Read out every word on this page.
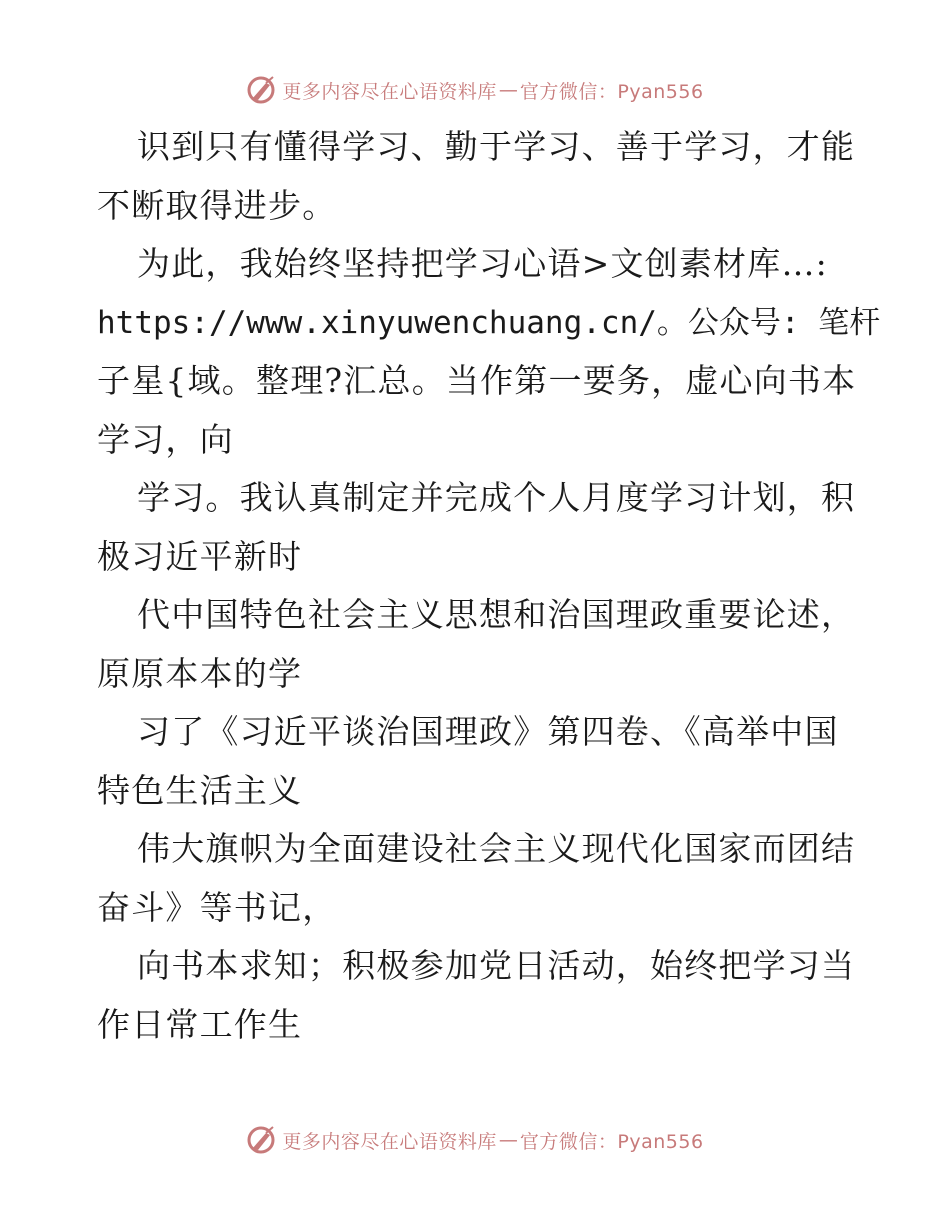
更多内容尽在心语资料库 — 官方微信：Pyan556
识到只有懂得学习、勤于学习、善于学习，才能
不断取得进步。
为此，我始终坚持把学习心语>文创素材库…:
https://www.xinyuwenchuang.cn/。公众号: 笔杆
子星{域。整理?汇总。当作第一要务，虚心向书本
学习，向
学习。我认真制定并完成个人月度学习计划，积
极习近平新时
代中国特色社会主义思想和治国理政重要论述，
原原本本的学
习了《习近平谈治国理政》第四卷、《高举中国
特色生活主义
伟大旗帜为全面建设社会主义现代化国家而团结
奋斗》等书记，
向书本求知；积极参加党日活动，始终把学习当
作日常工作生
更多内容尽在心语资料库 — 官方微信：Pyan556
